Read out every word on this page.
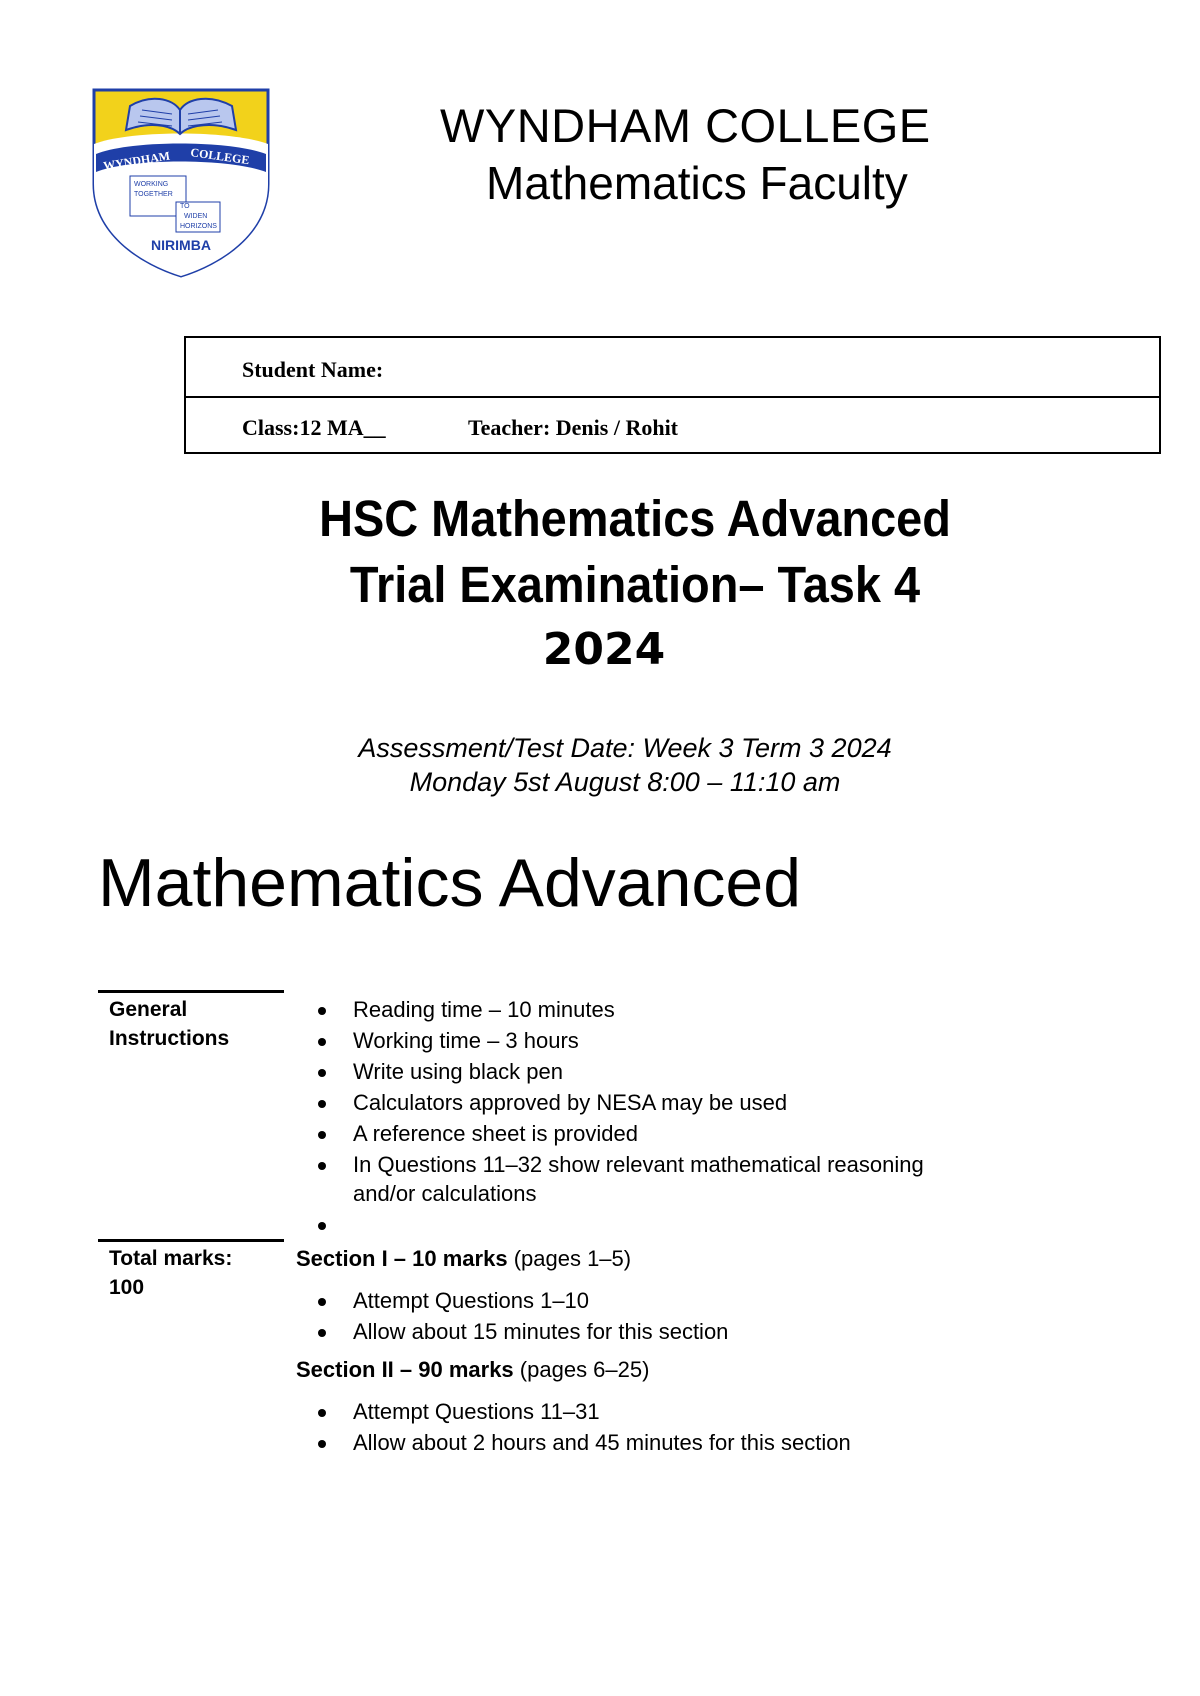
WYNDHAM COLLEGE
WORKING
TOGETHER
TO
WIDEN
HORIZONS
NIRIMBA
WYNDHAM COLLEGE
Mathematics Faculty
Student Name:
Class:12 MA__	Teacher: Denis / Rohit
HSC Mathematics Advanced
Trial Examination– Task 4
2024
Assessment/Test Date: Week 3 Term 3 2024
Monday 5st August 8:00 – 11:10 am
Mathematics Advanced
General
Instructions
Reading time – 10 minutes
Working time – 3 hours
Write using black pen
Calculators approved by NESA may be used
A reference sheet is provided
In Questions 11–32 show relevant mathematical reasoning
and/or calculations
Total marks:
100
Section I – 10 marks (pages 1–5)
Attempt Questions 1–10
Allow about 15 minutes for this section
Section II – 90 marks (pages 6–25)
Attempt Questions 11–31
Allow about 2 hours and 45 minutes for this section
